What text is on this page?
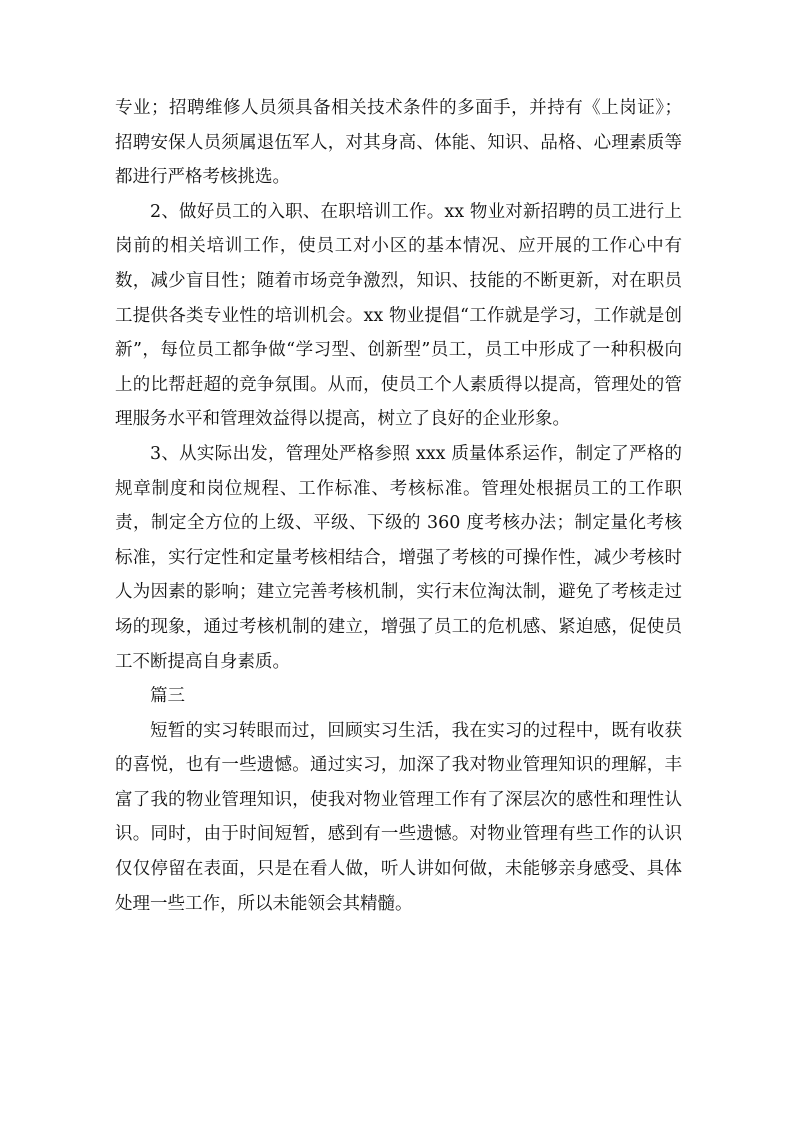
专业；招聘维修人员须具备相关技术条件的多面手，并持有《上岗证》；招聘安保人员须属退伍军人，对其身高、体能、知识、品格、心理素质等都进行严格考核挑选。

2、做好员工的入职、在职培训工作。xx 物业对新招聘的员工进行上岗前的相关培训工作，使员工对小区的基本情况、应开展的工作心中有数，减少盲目性；随着市场竞争激烈，知识、技能的不断更新，对在职员工提供各类专业性的培训机会。xx 物业提倡“工作就是学习，工作就是创新”，每位员工都争做“学习型、创新型”员工，员工中形成了一种积极向上的比帮赶超的竞争氛围。从而，使员工个人素质得以提高，管理处的管理服务水平和管理效益得以提高，树立了良好的企业形象。

3、从实际出发，管理处严格参照 xxx 质量体系运作，制定了严格的规章制度和岗位规程、工作标准、考核标准。管理处根据员工的工作职责，制定全方位的上级、平级、下级的 360 度考核办法；制定量化考核标准，实行定性和定量考核相结合，增强了考核的可操作性，减少考核时人为因素的影响；建立完善考核机制，实行末位淘汰制，避免了考核走过场的现象，通过考核机制的建立，增强了员工的危机感、紧迫感，促使员工不断提高自身素质。

篇三

短暂的实习转眼而过，回顾实习生活，我在实习的过程中，既有收获的喜悦，也有一些遗憾。通过实习，加深了我对物业管理知识的理解，丰富了我的物业管理知识，使我对物业管理工作有了深层次的感性和理性认识。同时，由于时间短暂，感到有一些遗憾。对物业管理有些工作的认识仅仅停留在表面，只是在看人做，听人讲如何做，未能够亲身感受、具体处理一些工作，所以未能领会其精髓。
